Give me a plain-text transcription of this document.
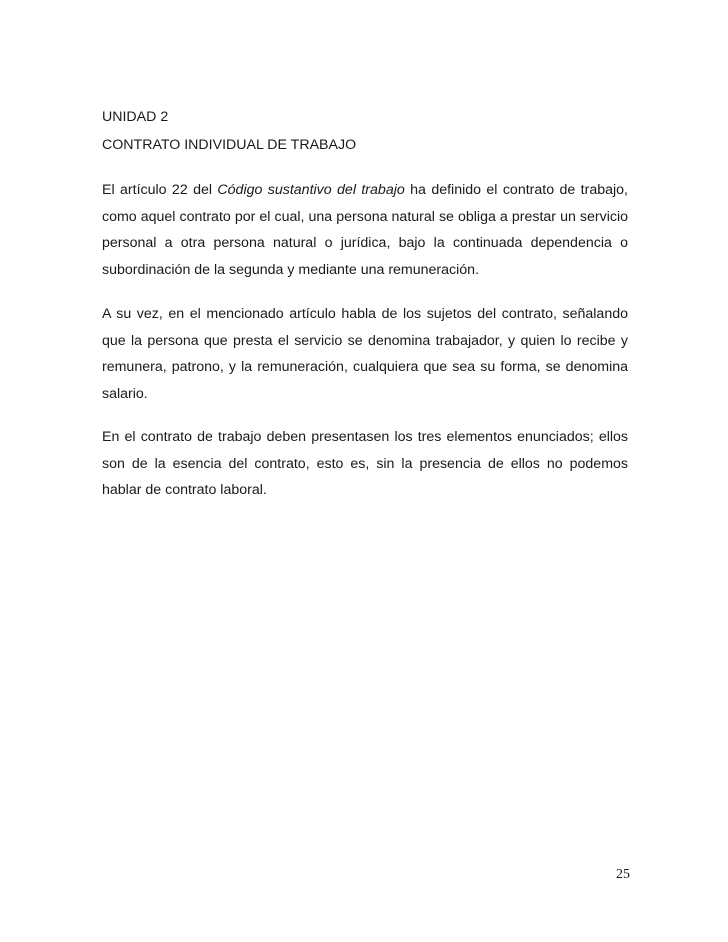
UNIDAD 2

CONTRATO INDIVIDUAL DE TRABAJO

El artículo 22 del Código sustantivo del trabajo ha definido el contrato de trabajo, como aquel contrato por el cual, una persona natural se obliga a prestar un servicio personal a otra persona natural o jurídica, bajo la continuada dependencia o subordinación de la segunda y mediante una remuneración.

A su vez, en el mencionado artículo habla de los sujetos del contrato, señalando que la persona que presta el servicio se denomina trabajador, y quien lo recibe y remunera, patrono, y la remuneración, cualquiera que sea su forma, se denomina salario.

En el contrato de trabajo deben presentasen los tres elementos enunciados; ellos son de la esencia del contrato, esto es, sin la presencia de ellos no podemos hablar de contrato laboral.

25
